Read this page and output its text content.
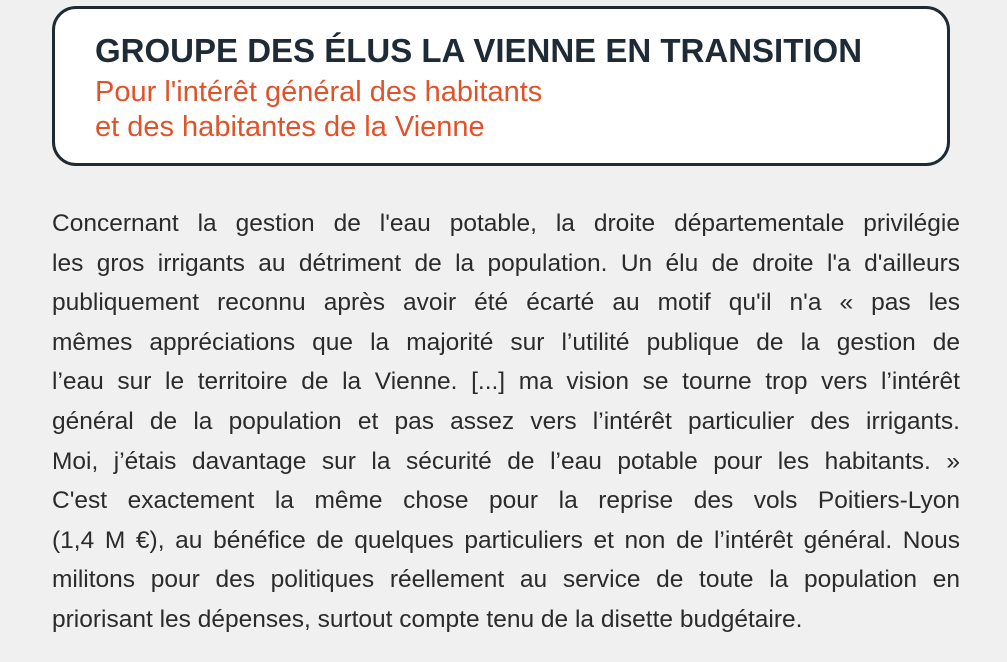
GROUPE DES ÉLUS LA VIENNE EN TRANSITION
Pour l'intérêt général des habitants
et des habitantes de la Vienne
Concernant la gestion de l'eau potable, la droite départementale privilégie
les gros irrigants au détriment de la population. Un élu de droite l'a d'ailleurs
publiquement reconnu après avoir été écarté au motif qu'il n'a « pas les
mêmes appréciations que la majorité sur l’utilité publique de la gestion de
l’eau sur le territoire de la Vienne. [...] ma vision se tourne trop vers l’intérêt
général de la population et pas assez vers l’intérêt particulier des irrigants.
Moi, j’étais davantage sur la sécurité de l’eau potable pour les habitants. »
C'est exactement la même chose pour la reprise des vols Poitiers-Lyon
(1,4 M €), au bénéfice de quelques particuliers et non de l’intérêt général. Nous
militons pour des politiques réellement au service de toute la population en
priorisant les dépenses, surtout compte tenu de la disette budgétaire.
